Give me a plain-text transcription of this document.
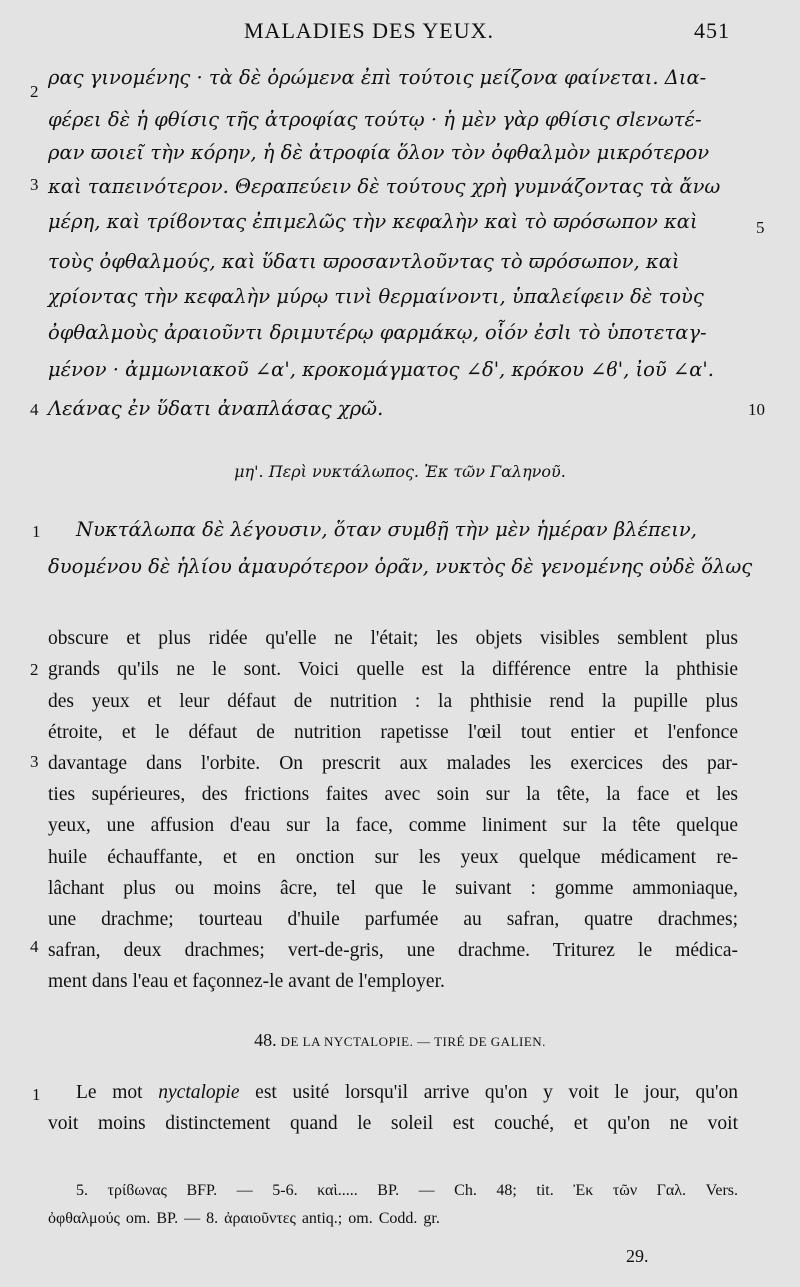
MALADIES DES YEUX.	451
ρας γινομένης · τὰ δὲ ὁρώμενα ἐπὶ τούτοις μείζονα φαίνεται. Δια-
φέρει δὲ ἡ φθίσις τῆς ἀτροφίας τούτῳ · ἡ μὲν γὰρ φθίσις σlενωτέ-
ραν ϖοιεῖ τὴν κόρην, ἡ δὲ ἀτροφία ὅλον τὸν ὀφθαλμὸν μικρότερον
καὶ ταπεινότερον. Θεραπεύειν δὲ τούτους χρὴ γυμνάζοντας τὰ ἄνω
μέρη, καὶ τρίϐοντας ἐπιμελῶς τὴν κεφαλὴν καὶ τὸ ϖρόσωπον καὶ
τοὺς ὀφθαλμούς, καὶ ὕδατι ϖροσαντλοῦντας τὸ ϖρόσωπον, καὶ
χρίοντας τὴν κεφαλὴν μύρῳ τινὶ θερμαίνοντι, ὑπαλείφειν δὲ τοὺς
ὀφθαλμοὺς ἀραιοῦντι δριμυτέρῳ φαρμάκῳ, οἷόν ἐσlι τὸ ὑποτεταγ-
μένον · ἀμμωνιακοῦ ∠α', κροκομάγματος ∠δ', κρόκου ∠ϐ', ἰοῦ ∠α'.
Λεάνας ἐν ὕδατι ἀναπλάσας χρῶ.
2
3
4
5
10
μη'. Περὶ νυκτάλωπος. Ἐκ τῶν Γαληνοῦ.
1 Νυκτάλωπα δὲ λέγουσιν, ὅταν συμϐῇ τὴν μὲν ἡμέραν βλέπειν,
δυομένου δὲ ἡλίου ἀμαυρότερον ὁρᾶν, νυκτὸς δὲ γενομένης οὐδὲ ὅλως
obscure et plus ridée qu'elle ne l'était; les objets visibles semblent plus
grands qu'ils ne le sont. Voici quelle est la différence entre la phthisie
des yeux et leur défaut de nutrition : la phthisie rend la pupille plus
étroite, et le défaut de nutrition rapetisse l'œil tout entier et l'enfonce
davantage dans l'orbite. On prescrit aux malades les exercices des par-
ties supérieures, des frictions faites avec soin sur la tête, la face et les
yeux, une affusion d'eau sur la face, comme liniment sur la tête quelque
huile échauffante, et en onction sur les yeux quelque médicament re-
lâchant plus ou moins âcre, tel que le suivant : gomme ammoniaque,
une drachme; tourteau d'huile parfumée au safran, quatre drachmes;
safran, deux drachmes; vert-de-gris, une drachme. Triturez le médica-
ment dans l'eau et façonnez-le avant de l'employer.
2
3
4
48. DE LA NYCTALOPIE. — TIRÉ DE GALIEN.
1 Le mot nyctalopie est usité lorsqu'il arrive qu'on y voit le jour, qu'on
voit moins distinctement quand le soleil est couché, et qu'on ne voit
5. τρίϐωνας BFP. — 5-6. καὶ..... BP. — Ch. 48; tit. Ἐκ τῶν Γαλ. Vers.
ὀφθαλμούς om. BP. — 8. ἀραιοῦντες antiq.; om. Codd. gr.
29.
